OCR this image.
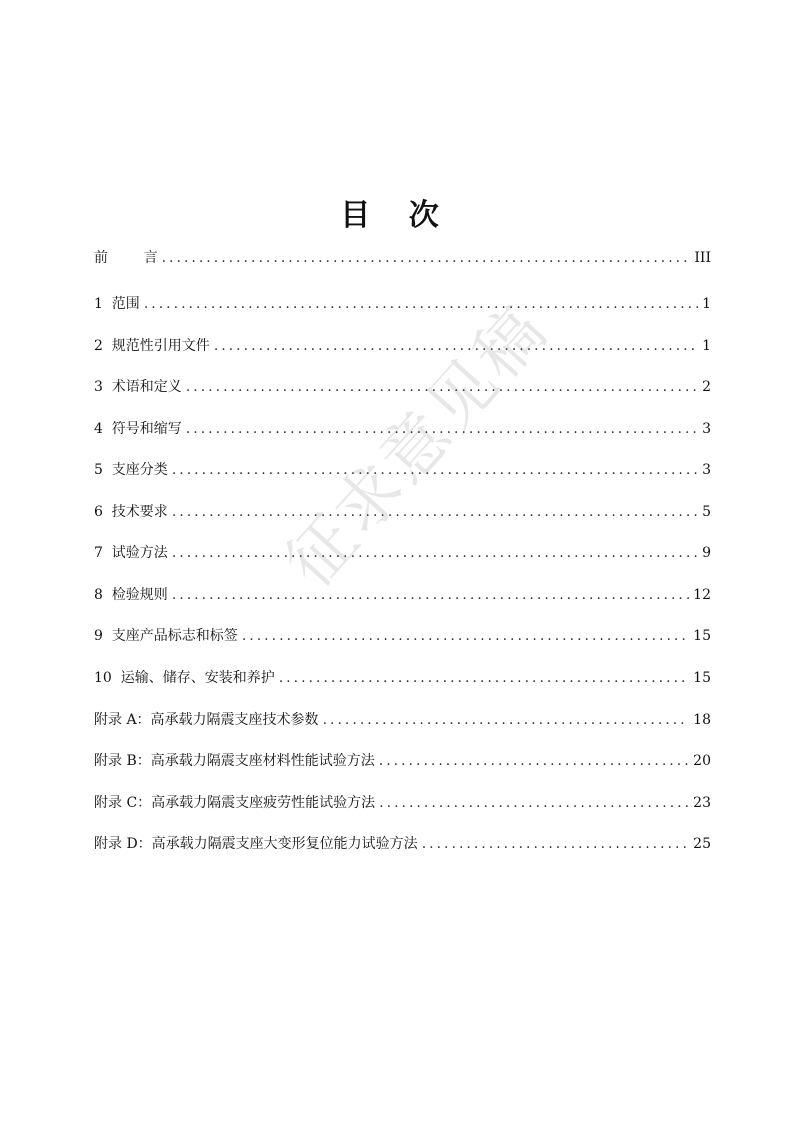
目 次
前        言 .....	III
1  范围 .....	1
2  规范性引用文件 .....	1
3  术语和定义 .....	2
4  符号和缩写 .....	3
5  支座分类 .....	3
6  技术要求 .....	5
7  试验方法 .....	9
8  检验规则 .....	12
9  支座产品标志和标签 .....	15
10  运输、储存、安装和养护 .....	15
附录 A：高承载力隔震支座技术参数 .....	18
附录 B：高承载力隔震支座材料性能试验方法 .....	20
附录 C：高承载力隔震支座疲劳性能试验方法 .....	23
附录 D：高承载力隔震支座大变形复位能力试验方法 .....	25
征求意见稿
